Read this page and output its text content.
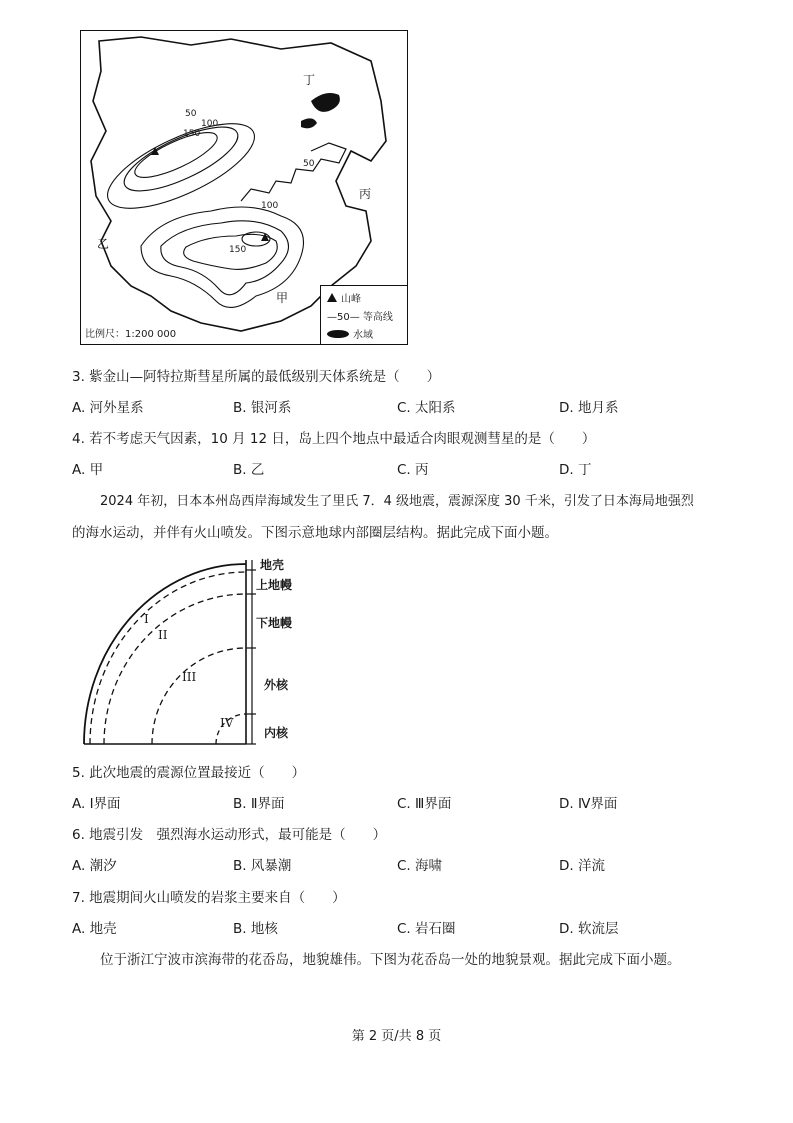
丁
丙
乙
甲
50
100
150
50
100
150
比例尺：1:200 000
山峰
—50— 等高线
水域
3. 紫金山—阿特拉斯彗星所属的最低级别天体系统是（　　）
A. 河外星系	B. 银河系	C. 太阳系	D. 地月系
4. 若不考虑天气因素，10 月 12 日，岛上四个地点中最适合肉眼观测彗星的是（　　）
A. 甲	B. 乙	C. 丙	D. 丁
2024 年初，日本本州岛西岸海域发生了里氏 7．4 级地震，震源深度 30 千米，引发了日本海局地强烈
的海水运动，并伴有火山喷发。下图示意地球内部圈层结构。据此完成下面小题。
地壳
上地幔
下地幔
外核
内核
I
II
III
IV
5. 此次地震的震源位置最接近（　　）
A. Ⅰ界面	B. Ⅱ界面	C. Ⅲ界面	D. Ⅳ界面
6. 地震引发　强烈海水运动形式，最可能是（　　）
A. 潮汐	B. 风暴潮	C. 海啸	D. 洋流
7. 地震期间火山喷发的岩浆主要来自（　　）
A. 地壳	B. 地核	C. 岩石圈	D. 软流层
位于浙江宁波市滨海带的花岙岛，地貌雄伟。下图为花岙岛一处的地貌景观。据此完成下面小题。
第 2 页/共 8 页
